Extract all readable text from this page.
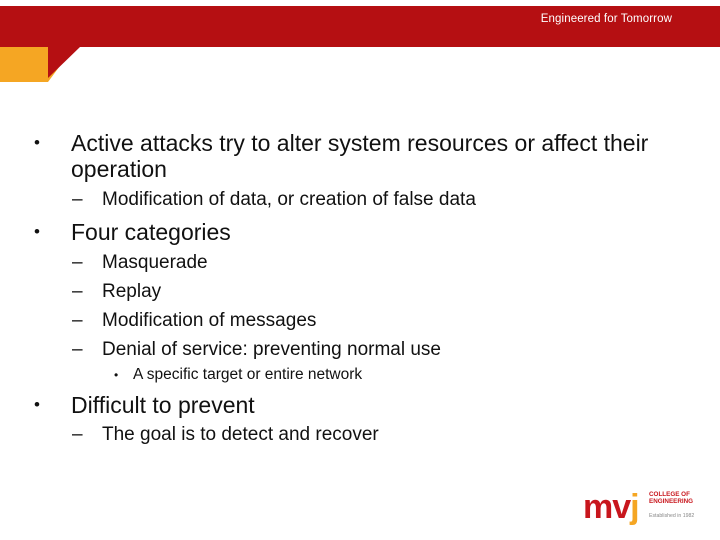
Engineered for Tomorrow
•	Active attacks try to alter system resources or affect their operation
–	Modification of data, or creation of false data
•	Four categories
–	Masquerade
–	Replay
–	Modification of messages
–	Denial of service: preventing normal use
• A specific target or entire network
•	Difficult to prevent
–	The goal is to detect and recover
mvj COLLEGE OF ENGINEERING
Established in 1982
